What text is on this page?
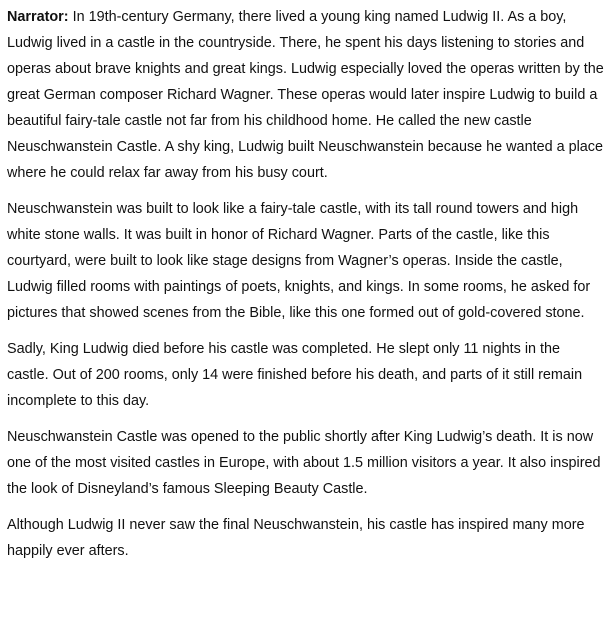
Narrator: In 19th-century Germany, there lived a young king named Ludwig II. As a boy, Ludwig lived in a castle in the countryside. There, he spent his days listening to stories and operas about brave knights and great kings. Ludwig especially loved the operas written by the great German composer Richard Wagner. These operas would later inspire Ludwig to build a beautiful fairy-tale castle not far from his childhood home. He called the new castle Neuschwanstein Castle. A shy king, Ludwig built Neuschwanstein because he wanted a place where he could relax far away from his busy court.

Neuschwanstein was built to look like a fairy-tale castle, with its tall round towers and high white stone walls. It was built in honor of Richard Wagner. Parts of the castle, like this courtyard, were built to look like stage designs from Wagner’s operas. Inside the castle, Ludwig filled rooms with paintings of poets, knights, and kings. In some rooms, he asked for pictures that showed scenes from the Bible, like this one formed out of gold-covered stone.

Sadly, King Ludwig died before his castle was completed. He slept only 11 nights in the castle. Out of 200 rooms, only 14 were finished before his death, and parts of it still remain incomplete to this day.

Neuschwanstein Castle was opened to the public shortly after King Ludwig’s death. It is now one of the most visited castles in Europe, with about 1.5 million visitors a year. It also inspired the look of Disneyland’s famous Sleeping Beauty Castle.

Although Ludwig II never saw the final Neuschwanstein, his castle has inspired many more happily ever afters.
